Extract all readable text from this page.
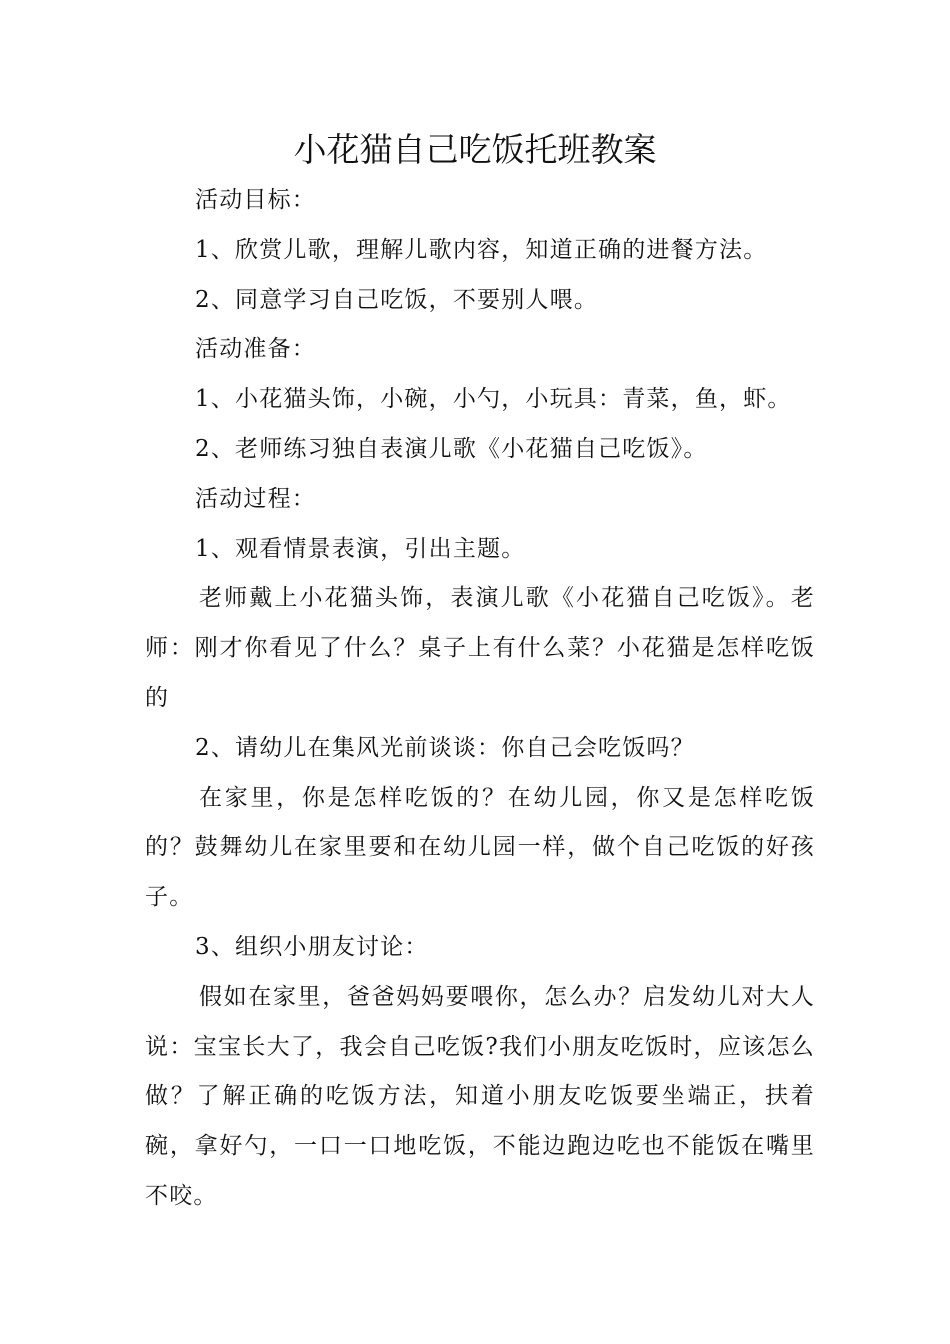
小花猫自己吃饭托班教案

活动目标：

1、欣赏儿歌，理解儿歌内容，知道正确的进餐方法。

2、同意学习自己吃饭，不要别人喂。

活动准备：

1、小花猫头饰，小碗，小勺，小玩具：青菜，鱼，虾。

2、老师练习独自表演儿歌《小花猫自己吃饭》。

活动过程：

1、观看情景表演，引出主题。

老师戴上小花猫头饰，表演儿歌《小花猫自己吃饭》。老师：刚才你看见了什么？桌子上有什么菜？小花猫是怎样吃饭的

2、请幼儿在集风光前谈谈：你自己会吃饭吗？

在家里，你是怎样吃饭的？在幼儿园，你又是怎样吃饭的？鼓舞幼儿在家里要和在幼儿园一样，做个自己吃饭的好孩子。

3、组织小朋友讨论：

假如在家里，爸爸妈妈要喂你，怎么办？启发幼儿对大人说：宝宝长大了，我会自己吃饭?我们小朋友吃饭时，应该怎么做？了解正确的吃饭方法，知道小朋友吃饭要坐端正，扶着碗，拿好勺，一口一口地吃饭，不能边跑边吃也不能饭在嘴里不咬。
